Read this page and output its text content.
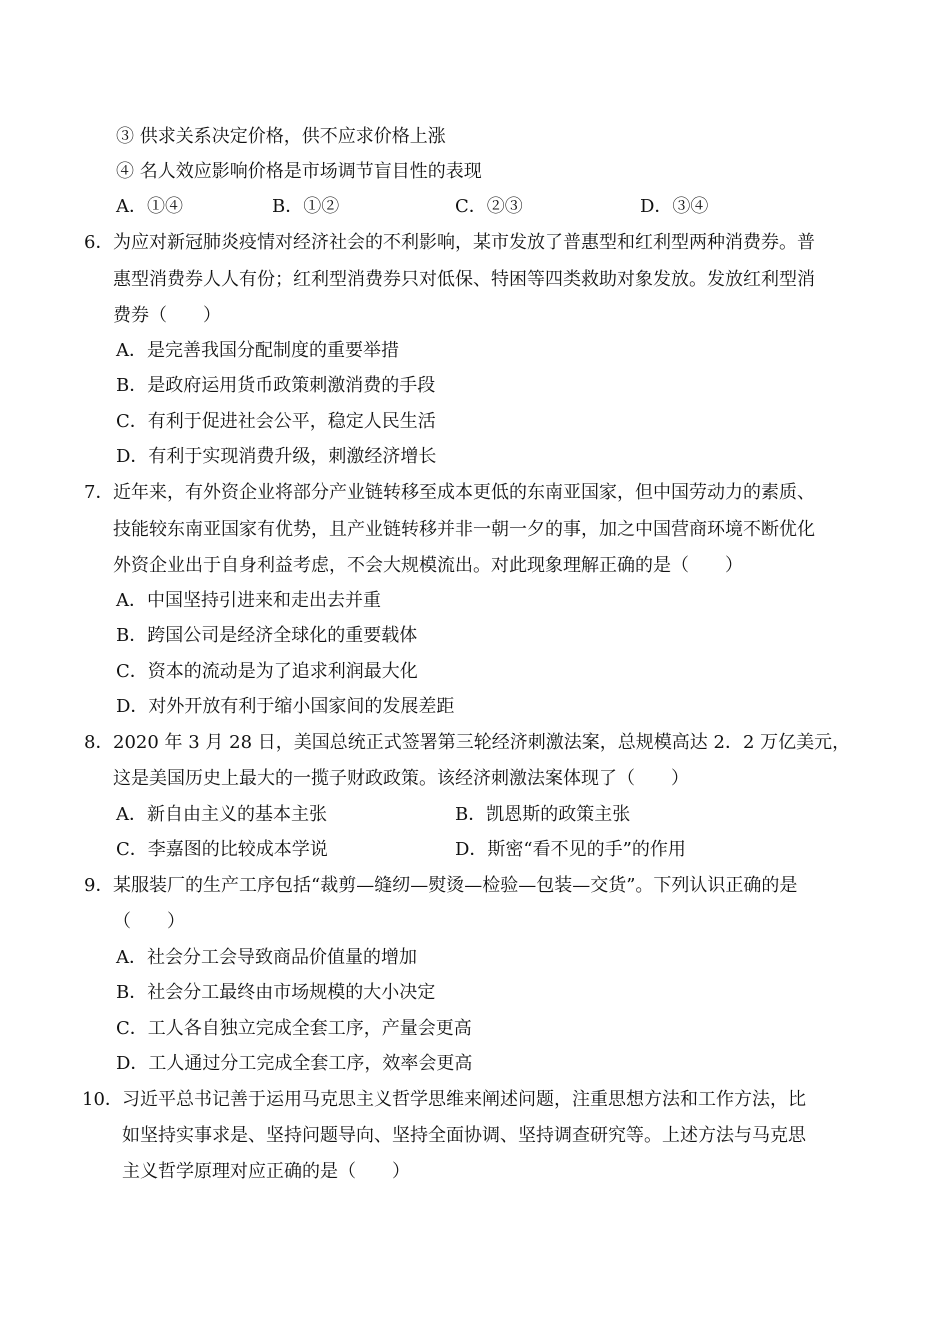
③ 供求关系决定价格，供不应求价格上涨
④ 名人效应影响价格是市场调节盲目性的表现
A．①④	B．①②	C．②③	D．③④
6． 为应对新冠肺炎疫情对经济社会的不利影响，某市发放了普惠型和红利型两种消费券。普
惠型消费券人人有份；红利型消费券只对低保、特困等四类救助对象发放。发放红利型消
费券（　　）
A．是完善我国分配制度的重要举措
B．是政府运用货币政策刺激消费的手段
C．有利于促进社会公平，稳定人民生活
D．有利于实现消费升级，刺激经济增长
7． 近年来，有外资企业将部分产业链转移至成本更低的东南亚国家，但中国劳动力的素质、
技能较东南亚国家有优势，且产业链转移并非一朝一夕的事，加之中国营商环境不断优化
外资企业出于自身利益考虑，不会大规模流出。对此现象理解正确的是（　　）
A．中国坚持引进来和走出去并重
B．跨国公司是经济全球化的重要载体
C．资本的流动是为了追求利润最大化
D．对外开放有利于缩小国家间的发展差距
8． 2020 年 3 月 28 日，美国总统正式签署第三轮经济刺激法案，总规模高达 2．2 万亿美元，
这是美国历史上最大的一揽子财政政策。该经济刺激法案体现了（　　）
A．新自由主义的基本主张	B．凯恩斯的政策主张
C．李嘉图的比较成本学说	D．斯密“看不见的手”的作用
9． 某服装厂的生产工序包括“裁剪—缝纫—熨烫—检验—包装—交货”。下列认识正确的是
（　　）
A．社会分工会导致商品价值量的增加
B．社会分工最终由市场规模的大小决定
C．工人各自独立完成全套工序，产量会更高
D．工人通过分工完成全套工序，效率会更高
10． 习近平总书记善于运用马克思主义哲学思维来阐述问题，注重思想方法和工作方法，比
如坚持实事求是、坚持问题导向、坚持全面协调、坚持调查研究等。上述方法与马克思
主义哲学原理对应正确的是（　　）
